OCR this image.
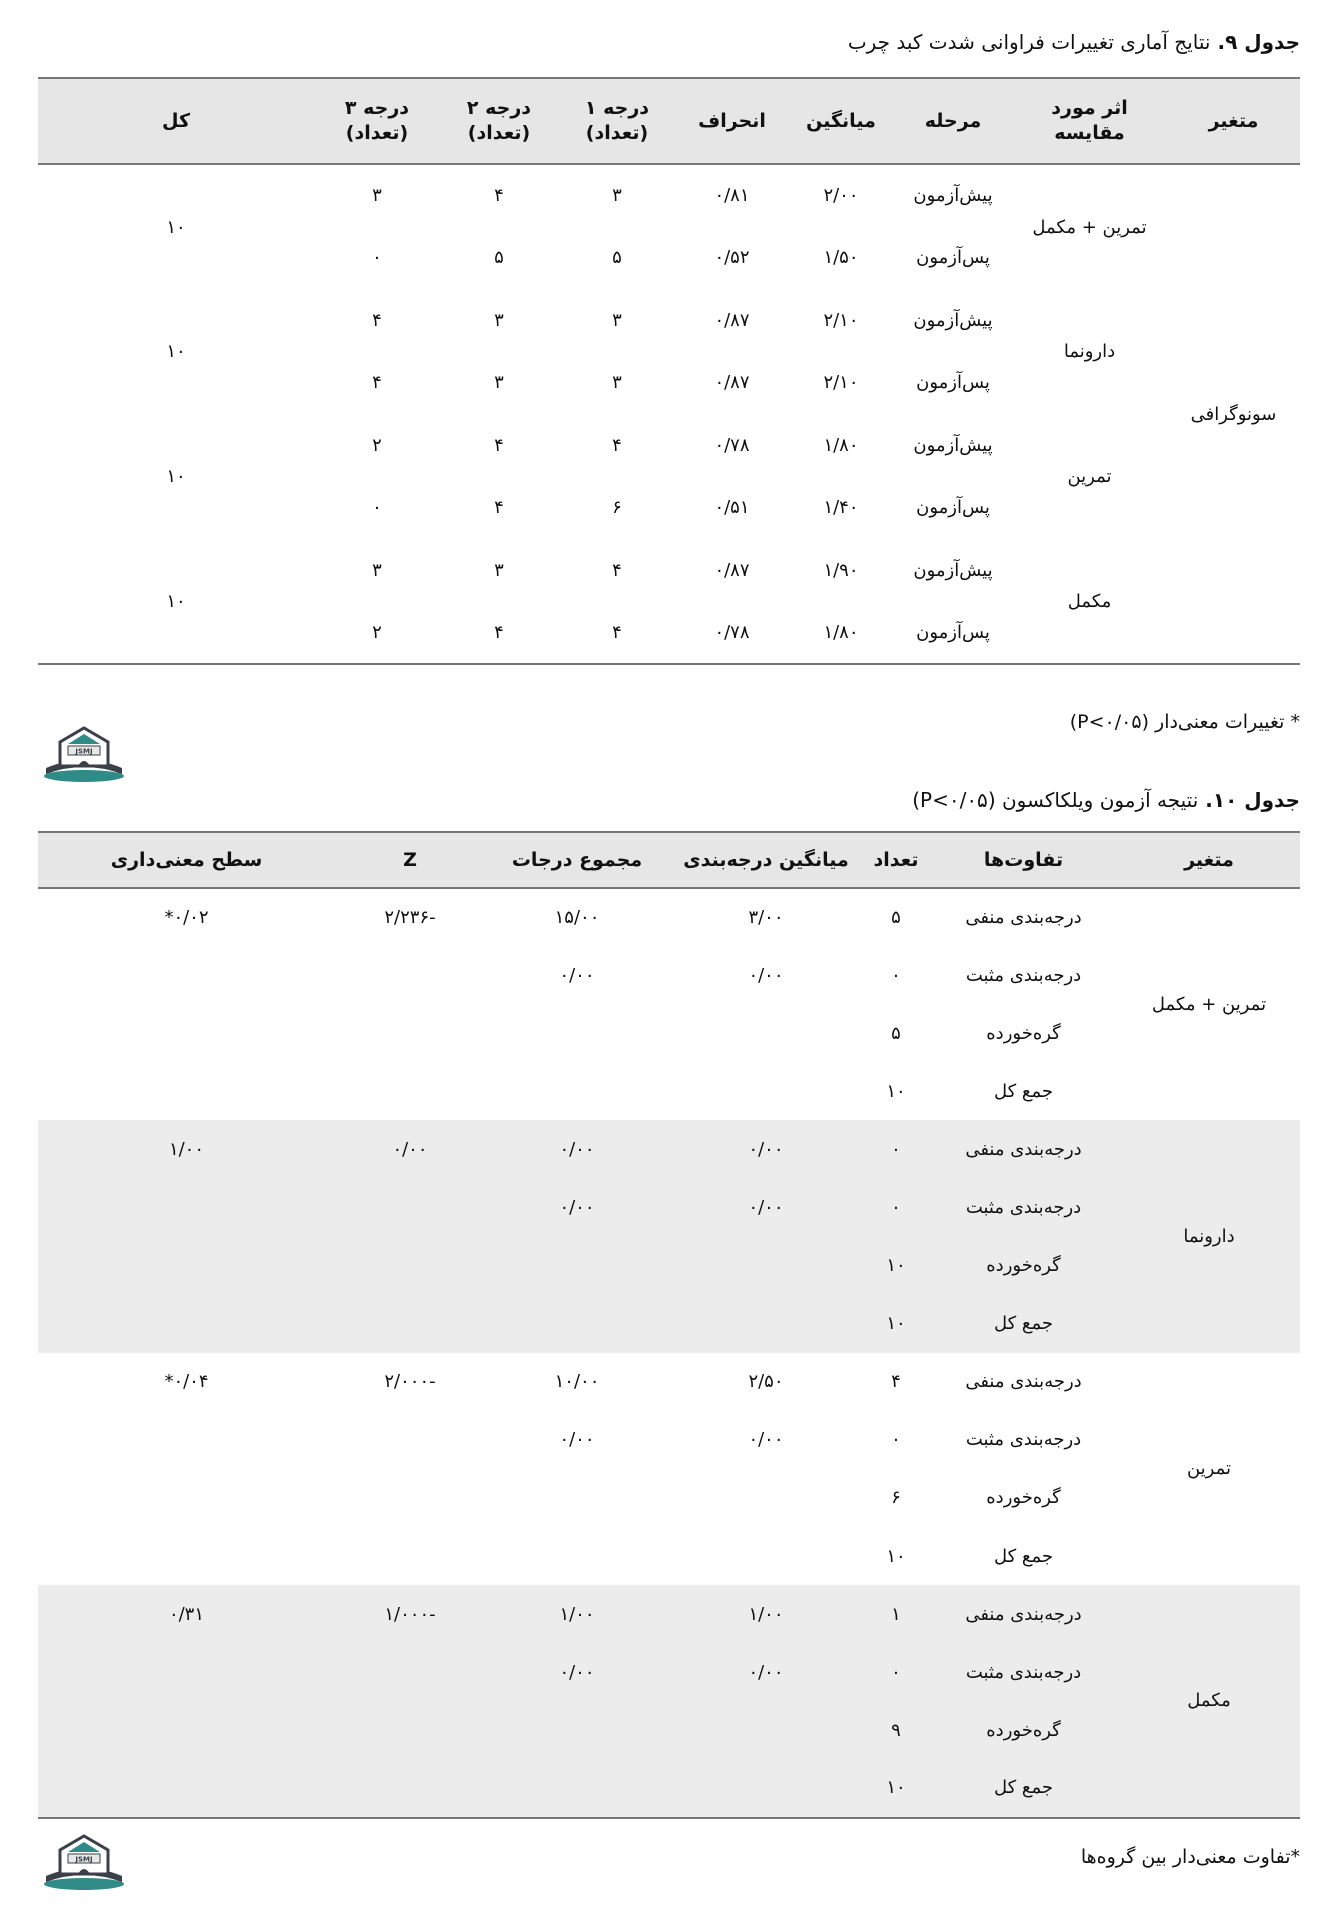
جدول ۹. نتایج آماری تغییرات فراوانی شدت کبد چرب
متغیر	اثر مورد مقایسه	مرحله	میانگین	انحراف	درجه ۱ (تعداد)	درجه ۲ (تعداد)	درجه ۳ (تعداد)	کل
سونوگرافی	تمرین + مکمل	پیش‌آزمون	۲/۰۰	۰/۸۱	۳	۴	۳	۱۰
		پس‌آزمون	۱/۵۰	۰/۵۲	۵	۵	۰	
	دارونما	پیش‌آزمون	۲/۱۰	۰/۸۷	۳	۳	۴	۱۰
		پس‌آزمون	۲/۱۰	۰/۸۷	۳	۳	۴	
	تمرین	پیش‌آزمون	۱/۸۰	۰/۷۸	۴	۴	۲	۱۰
		پس‌آزمون	۱/۴۰	۰/۵۱	۶	۴	۰	
	مکمل	پیش‌آزمون	۱/۹۰	۰/۸۷	۴	۳	۳	۱۰
		پس‌آزمون	۱/۸۰	۰/۷۸	۴	۴	۲	
* تغییرات معنی‌دار (P<۰/۰۵)
JSMJ
جدول ۱۰. نتیجه آزمون ویلکاکسون (P<۰/۰۵)
متغیر	تفاوت‌ها	تعداد	میانگین درجه‌بندی	مجموع درجات	Z	سطح معنی‌داری
تمرین + مکمل	درجه‌بندی منفی	۵	۳/۰۰	۱۵/۰۰	-۲/۲۳۶	۰/۰۲*
	درجه‌بندی مثبت	۰	۰/۰۰	۰/۰۰		
	گره‌خورده	۵				
	جمع کل	۱۰				
دارونما	درجه‌بندی منفی	۰	۰/۰۰	۰/۰۰	۰/۰۰	۱/۰۰
	درجه‌بندی مثبت	۰	۰/۰۰	۰/۰۰		
	گره‌خورده	۱۰				
	جمع کل	۱۰				
تمرین	درجه‌بندی منفی	۴	۲/۵۰	۱۰/۰۰	-۲/۰۰۰	۰/۰۴*
	درجه‌بندی مثبت	۰	۰/۰۰	۰/۰۰		
	گره‌خورده	۶				
	جمع کل	۱۰				
مکمل	درجه‌بندی منفی	۱	۱/۰۰	۱/۰۰	-۱/۰۰۰	۰/۳۱
	درجه‌بندی مثبت	۰	۰/۰۰	۰/۰۰		
	گره‌خورده	۹				
	جمع کل	۱۰				
*تفاوت معنی‌دار بین گروه‌ها
JSMJ
